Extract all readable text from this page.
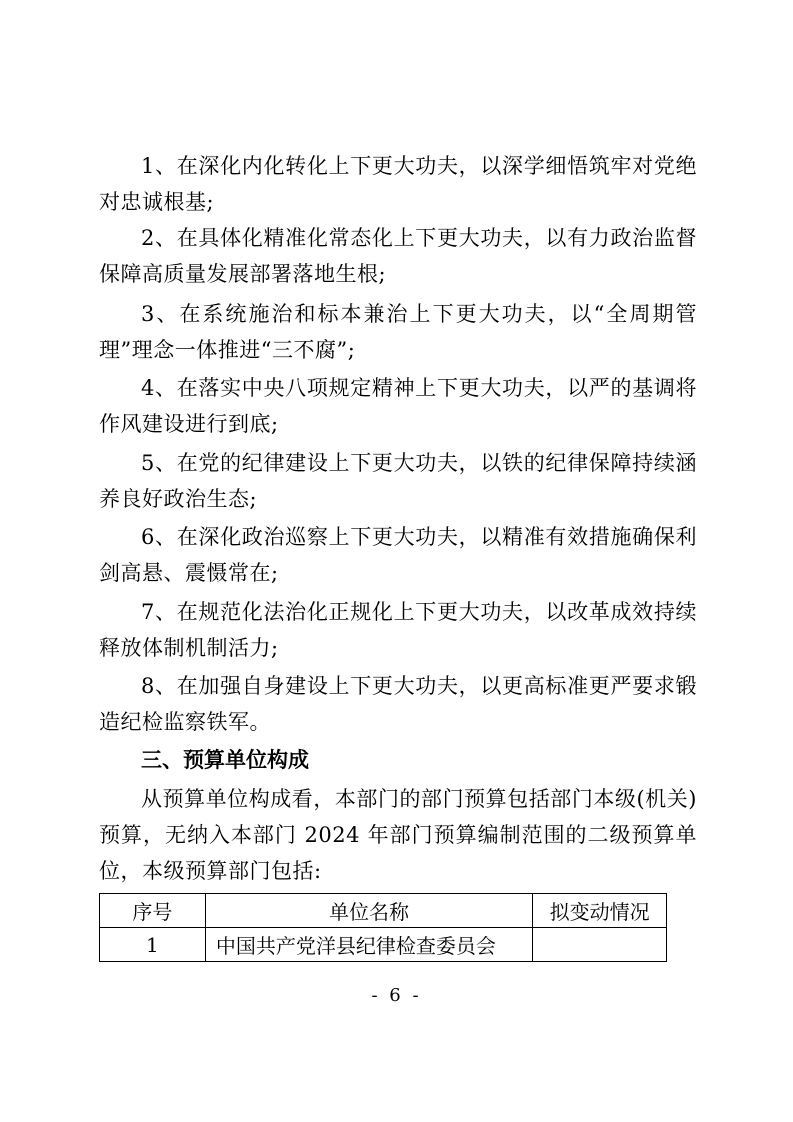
1、在深化内化转化上下更大功夫，以深学细悟筑牢对党绝对忠诚根基;

2、在具体化精准化常态化上下更大功夫，以有力政治监督保障高质量发展部署落地生根;

3、在系统施治和标本兼治上下更大功夫，以“全周期管理”理念一体推进“三不腐”;

4、在落实中央八项规定精神上下更大功夫，以严的基调将作风建设进行到底;

5、在党的纪律建设上下更大功夫，以铁的纪律保障持续涵养良好政治生态;

6、在深化政治巡察上下更大功夫，以精准有效措施确保利剑高悬、震慑常在;

7、在规范化法治化正规化上下更大功夫，以改革成效持续释放体制机制活力;

8、在加强自身建设上下更大功夫，以更高标准更严要求锻造纪检监察铁军。

三、预算单位构成

从预算单位构成看，本部门的部门预算包括部门本级(机关)预算，无纳入本部门 2024 年部门预算编制范围的二级预算单位，本级预算部门包括:

序号	单位名称	拟变动情况
1	中国共产党洋县纪律检查委员会	
- 6 -
